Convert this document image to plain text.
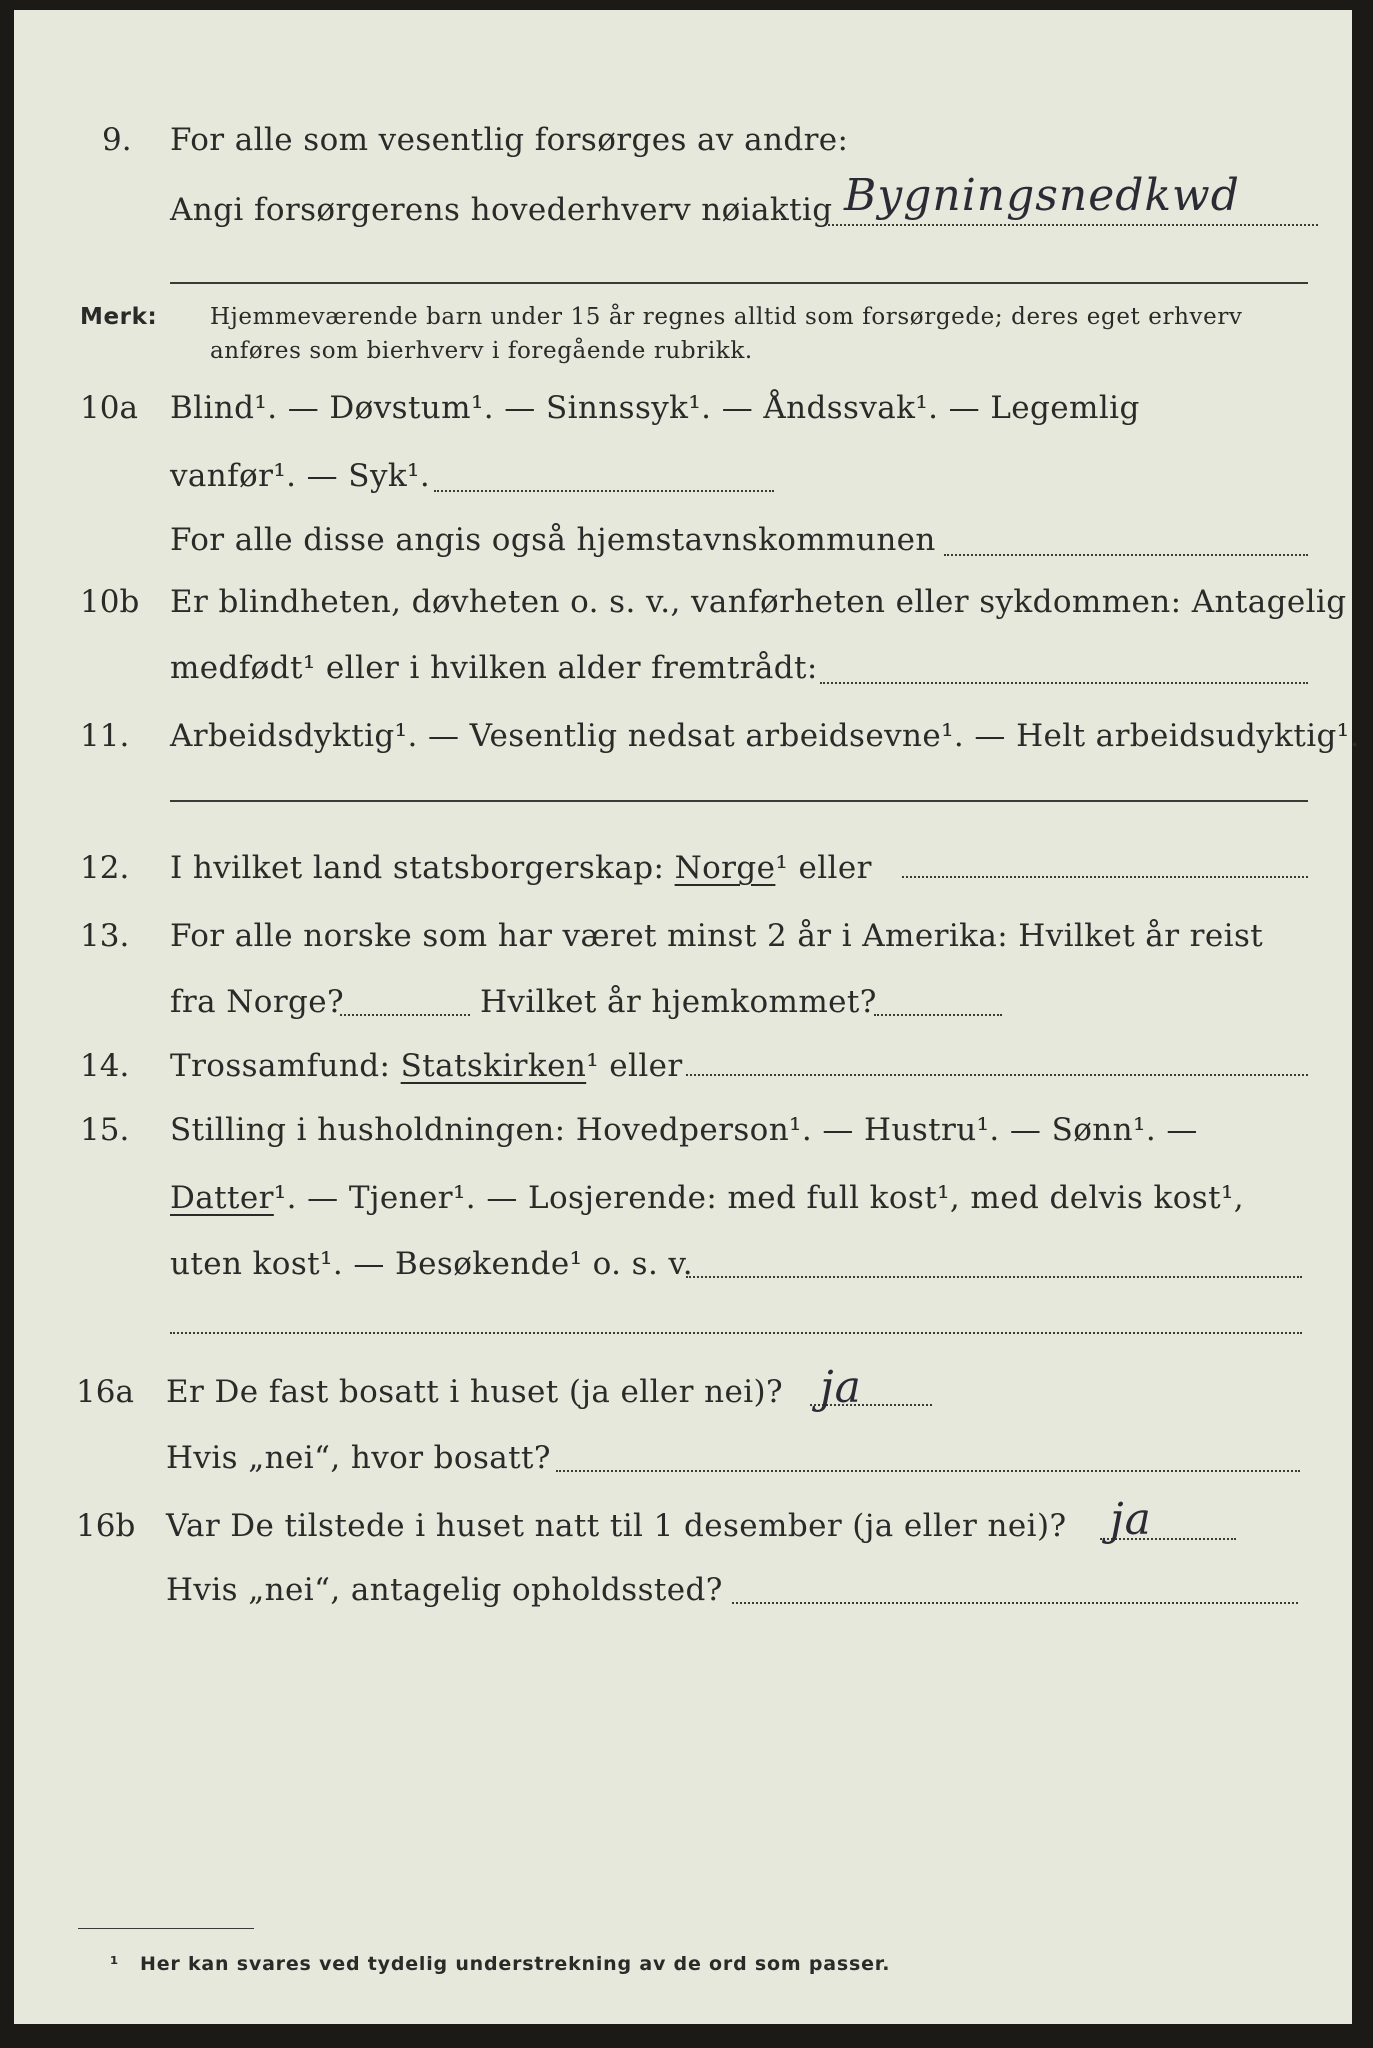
9. For alle som vesentlig forsørges av andre:
Angi forsørgerens hovederhverv nøiaktig Bygningsnedkwd
Merk: Hjemmeværende barn under 15 år regnes alltid som forsørgede; deres eget erhverv
anføres som bierhverv i foregående rubrikk.
10a Blind¹. — Døvstum¹. — Sinnssyk¹. — Åndssvak¹. — Legemlig
vanfør¹. — Syk¹.
For alle disse angis også hjemstavnskommunen
10b Er blindheten, døvheten o. s. v., vanførheten eller sykdommen: Antagelig
medfødt¹ eller i hvilken alder fremtrådt:
11. Arbeidsdyktig¹. — Vesentlig nedsat arbeidsevne¹. — Helt arbeidsudyktig¹.
12. I hvilket land statsborgerskap: Norge¹ eller
13. For alle norske som har været minst 2 år i Amerika: Hvilket år reist
fra Norge?	Hvilket år hjemkommet?
14. Trossamfund: Statskirken¹ eller
15. Stilling i husholdningen: Hovedperson¹. — Hustru¹. — Sønn¹. —
Datter¹. — Tjener¹. — Losjerende: med full kost¹, med delvis kost¹,
uten kost¹. — Besøkende¹ o. s. v.
16a Er De fast bosatt i huset (ja eller nei)? ja
Hvis „nei“, hvor bosatt?
16b Var De tilstede i huset natt til 1 desember (ja eller nei)? ja
Hvis „nei“, antagelig opholdssted?
¹ Her kan svares ved tydelig understrekning av de ord som passer.
